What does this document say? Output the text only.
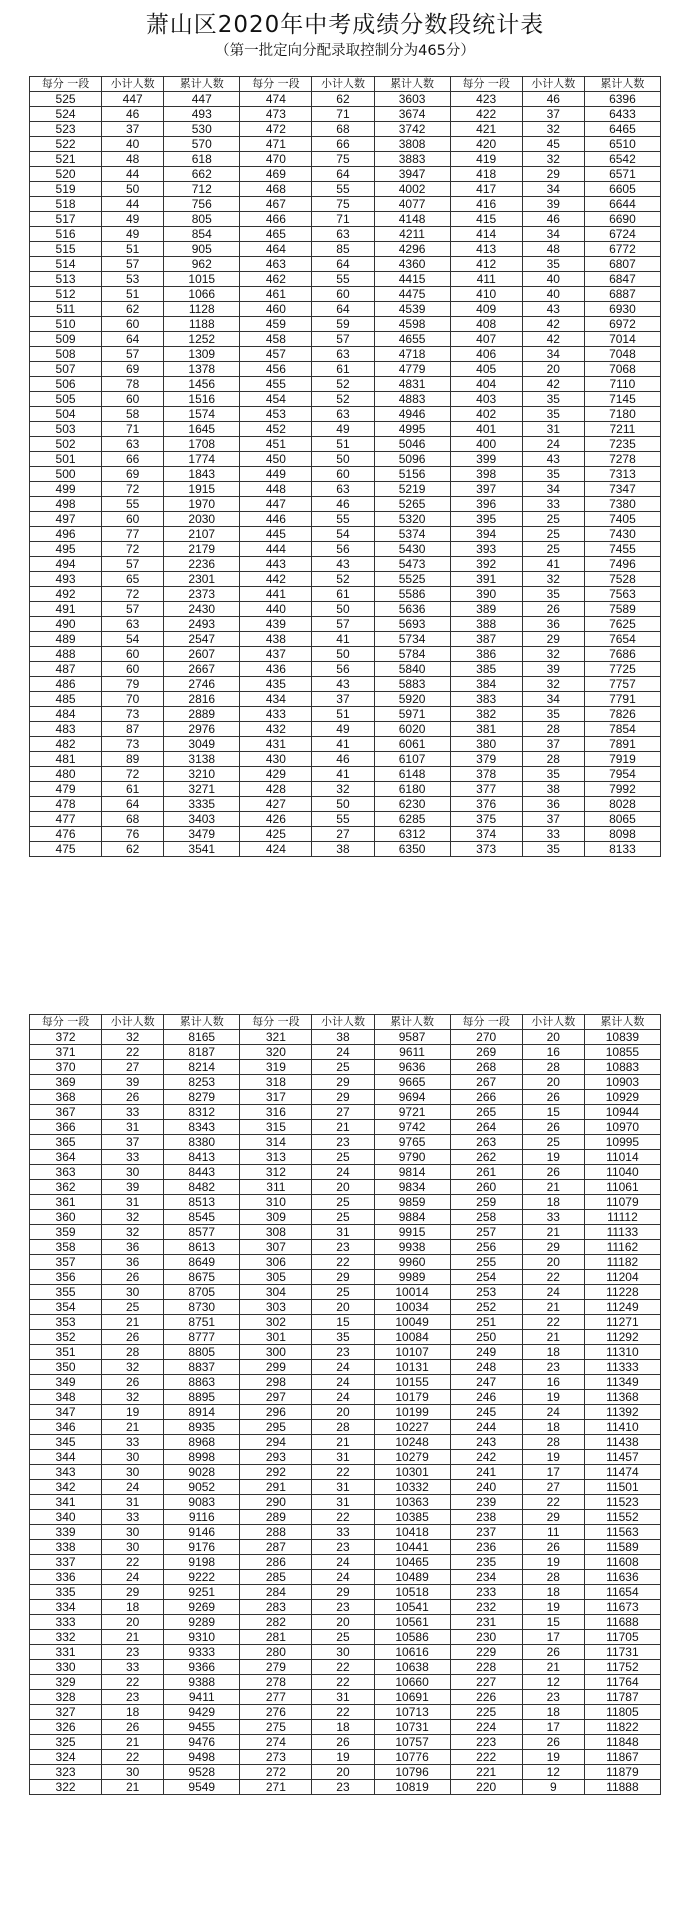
萧山区2020年中考成绩分数段统计表
（第一批定向分配录取控制分为465分）
每分 一段	小计人数	累计人数	每分 一段	小计人数	累计人数	每分 一段	小计人数	累计人数
525	447	447	474	62	3603	423	46	6396
524	46	493	473	71	3674	422	37	6433
523	37	530	472	68	3742	421	32	6465
522	40	570	471	66	3808	420	45	6510
521	48	618	470	75	3883	419	32	6542
520	44	662	469	64	3947	418	29	6571
519	50	712	468	55	4002	417	34	6605
518	44	756	467	75	4077	416	39	6644
517	49	805	466	71	4148	415	46	6690
516	49	854	465	63	4211	414	34	6724
515	51	905	464	85	4296	413	48	6772
514	57	962	463	64	4360	412	35	6807
513	53	1015	462	55	4415	411	40	6847
512	51	1066	461	60	4475	410	40	6887
511	62	1128	460	64	4539	409	43	6930
510	60	1188	459	59	4598	408	42	6972
509	64	1252	458	57	4655	407	42	7014
508	57	1309	457	63	4718	406	34	7048
507	69	1378	456	61	4779	405	20	7068
506	78	1456	455	52	4831	404	42	7110
505	60	1516	454	52	4883	403	35	7145
504	58	1574	453	63	4946	402	35	7180
503	71	1645	452	49	4995	401	31	7211
502	63	1708	451	51	5046	400	24	7235
501	66	1774	450	50	5096	399	43	7278
500	69	1843	449	60	5156	398	35	7313
499	72	1915	448	63	5219	397	34	7347
498	55	1970	447	46	5265	396	33	7380
497	60	2030	446	55	5320	395	25	7405
496	77	2107	445	54	5374	394	25	7430
495	72	2179	444	56	5430	393	25	7455
494	57	2236	443	43	5473	392	41	7496
493	65	2301	442	52	5525	391	32	7528
492	72	2373	441	61	5586	390	35	7563
491	57	2430	440	50	5636	389	26	7589
490	63	2493	439	57	5693	388	36	7625
489	54	2547	438	41	5734	387	29	7654
488	60	2607	437	50	5784	386	32	7686
487	60	2667	436	56	5840	385	39	7725
486	79	2746	435	43	5883	384	32	7757
485	70	2816	434	37	5920	383	34	7791
484	73	2889	433	51	5971	382	35	7826
483	87	2976	432	49	6020	381	28	7854
482	73	3049	431	41	6061	380	37	7891
481	89	3138	430	46	6107	379	28	7919
480	72	3210	429	41	6148	378	35	7954
479	61	3271	428	32	6180	377	38	7992
478	64	3335	427	50	6230	376	36	8028
477	68	3403	426	55	6285	375	37	8065
476	76	3479	425	27	6312	374	33	8098
475	62	3541	424	38	6350	373	35	8133
每分 一段	小计人数	累计人数	每分 一段	小计人数	累计人数	每分 一段	小计人数	累计人数
372	32	8165	321	38	9587	270	20	10839
371	22	8187	320	24	9611	269	16	10855
370	27	8214	319	25	9636	268	28	10883
369	39	8253	318	29	9665	267	20	10903
368	26	8279	317	29	9694	266	26	10929
367	33	8312	316	27	9721	265	15	10944
366	31	8343	315	21	9742	264	26	10970
365	37	8380	314	23	9765	263	25	10995
364	33	8413	313	25	9790	262	19	11014
363	30	8443	312	24	9814	261	26	11040
362	39	8482	311	20	9834	260	21	11061
361	31	8513	310	25	9859	259	18	11079
360	32	8545	309	25	9884	258	33	11112
359	32	8577	308	31	9915	257	21	11133
358	36	8613	307	23	9938	256	29	11162
357	36	8649	306	22	9960	255	20	11182
356	26	8675	305	29	9989	254	22	11204
355	30	8705	304	25	10014	253	24	11228
354	25	8730	303	20	10034	252	21	11249
353	21	8751	302	15	10049	251	22	11271
352	26	8777	301	35	10084	250	21	11292
351	28	8805	300	23	10107	249	18	11310
350	32	8837	299	24	10131	248	23	11333
349	26	8863	298	24	10155	247	16	11349
348	32	8895	297	24	10179	246	19	11368
347	19	8914	296	20	10199	245	24	11392
346	21	8935	295	28	10227	244	18	11410
345	33	8968	294	21	10248	243	28	11438
344	30	8998	293	31	10279	242	19	11457
343	30	9028	292	22	10301	241	17	11474
342	24	9052	291	31	10332	240	27	11501
341	31	9083	290	31	10363	239	22	11523
340	33	9116	289	22	10385	238	29	11552
339	30	9146	288	33	10418	237	11	11563
338	30	9176	287	23	10441	236	26	11589
337	22	9198	286	24	10465	235	19	11608
336	24	9222	285	24	10489	234	28	11636
335	29	9251	284	29	10518	233	18	11654
334	18	9269	283	23	10541	232	19	11673
333	20	9289	282	20	10561	231	15	11688
332	21	9310	281	25	10586	230	17	11705
331	23	9333	280	30	10616	229	26	11731
330	33	9366	279	22	10638	228	21	11752
329	22	9388	278	22	10660	227	12	11764
328	23	9411	277	31	10691	226	23	11787
327	18	9429	276	22	10713	225	18	11805
326	26	9455	275	18	10731	224	17	11822
325	21	9476	274	26	10757	223	26	11848
324	22	9498	273	19	10776	222	19	11867
323	30	9528	272	20	10796	221	12	11879
322	21	9549	271	23	10819	220	9	11888
